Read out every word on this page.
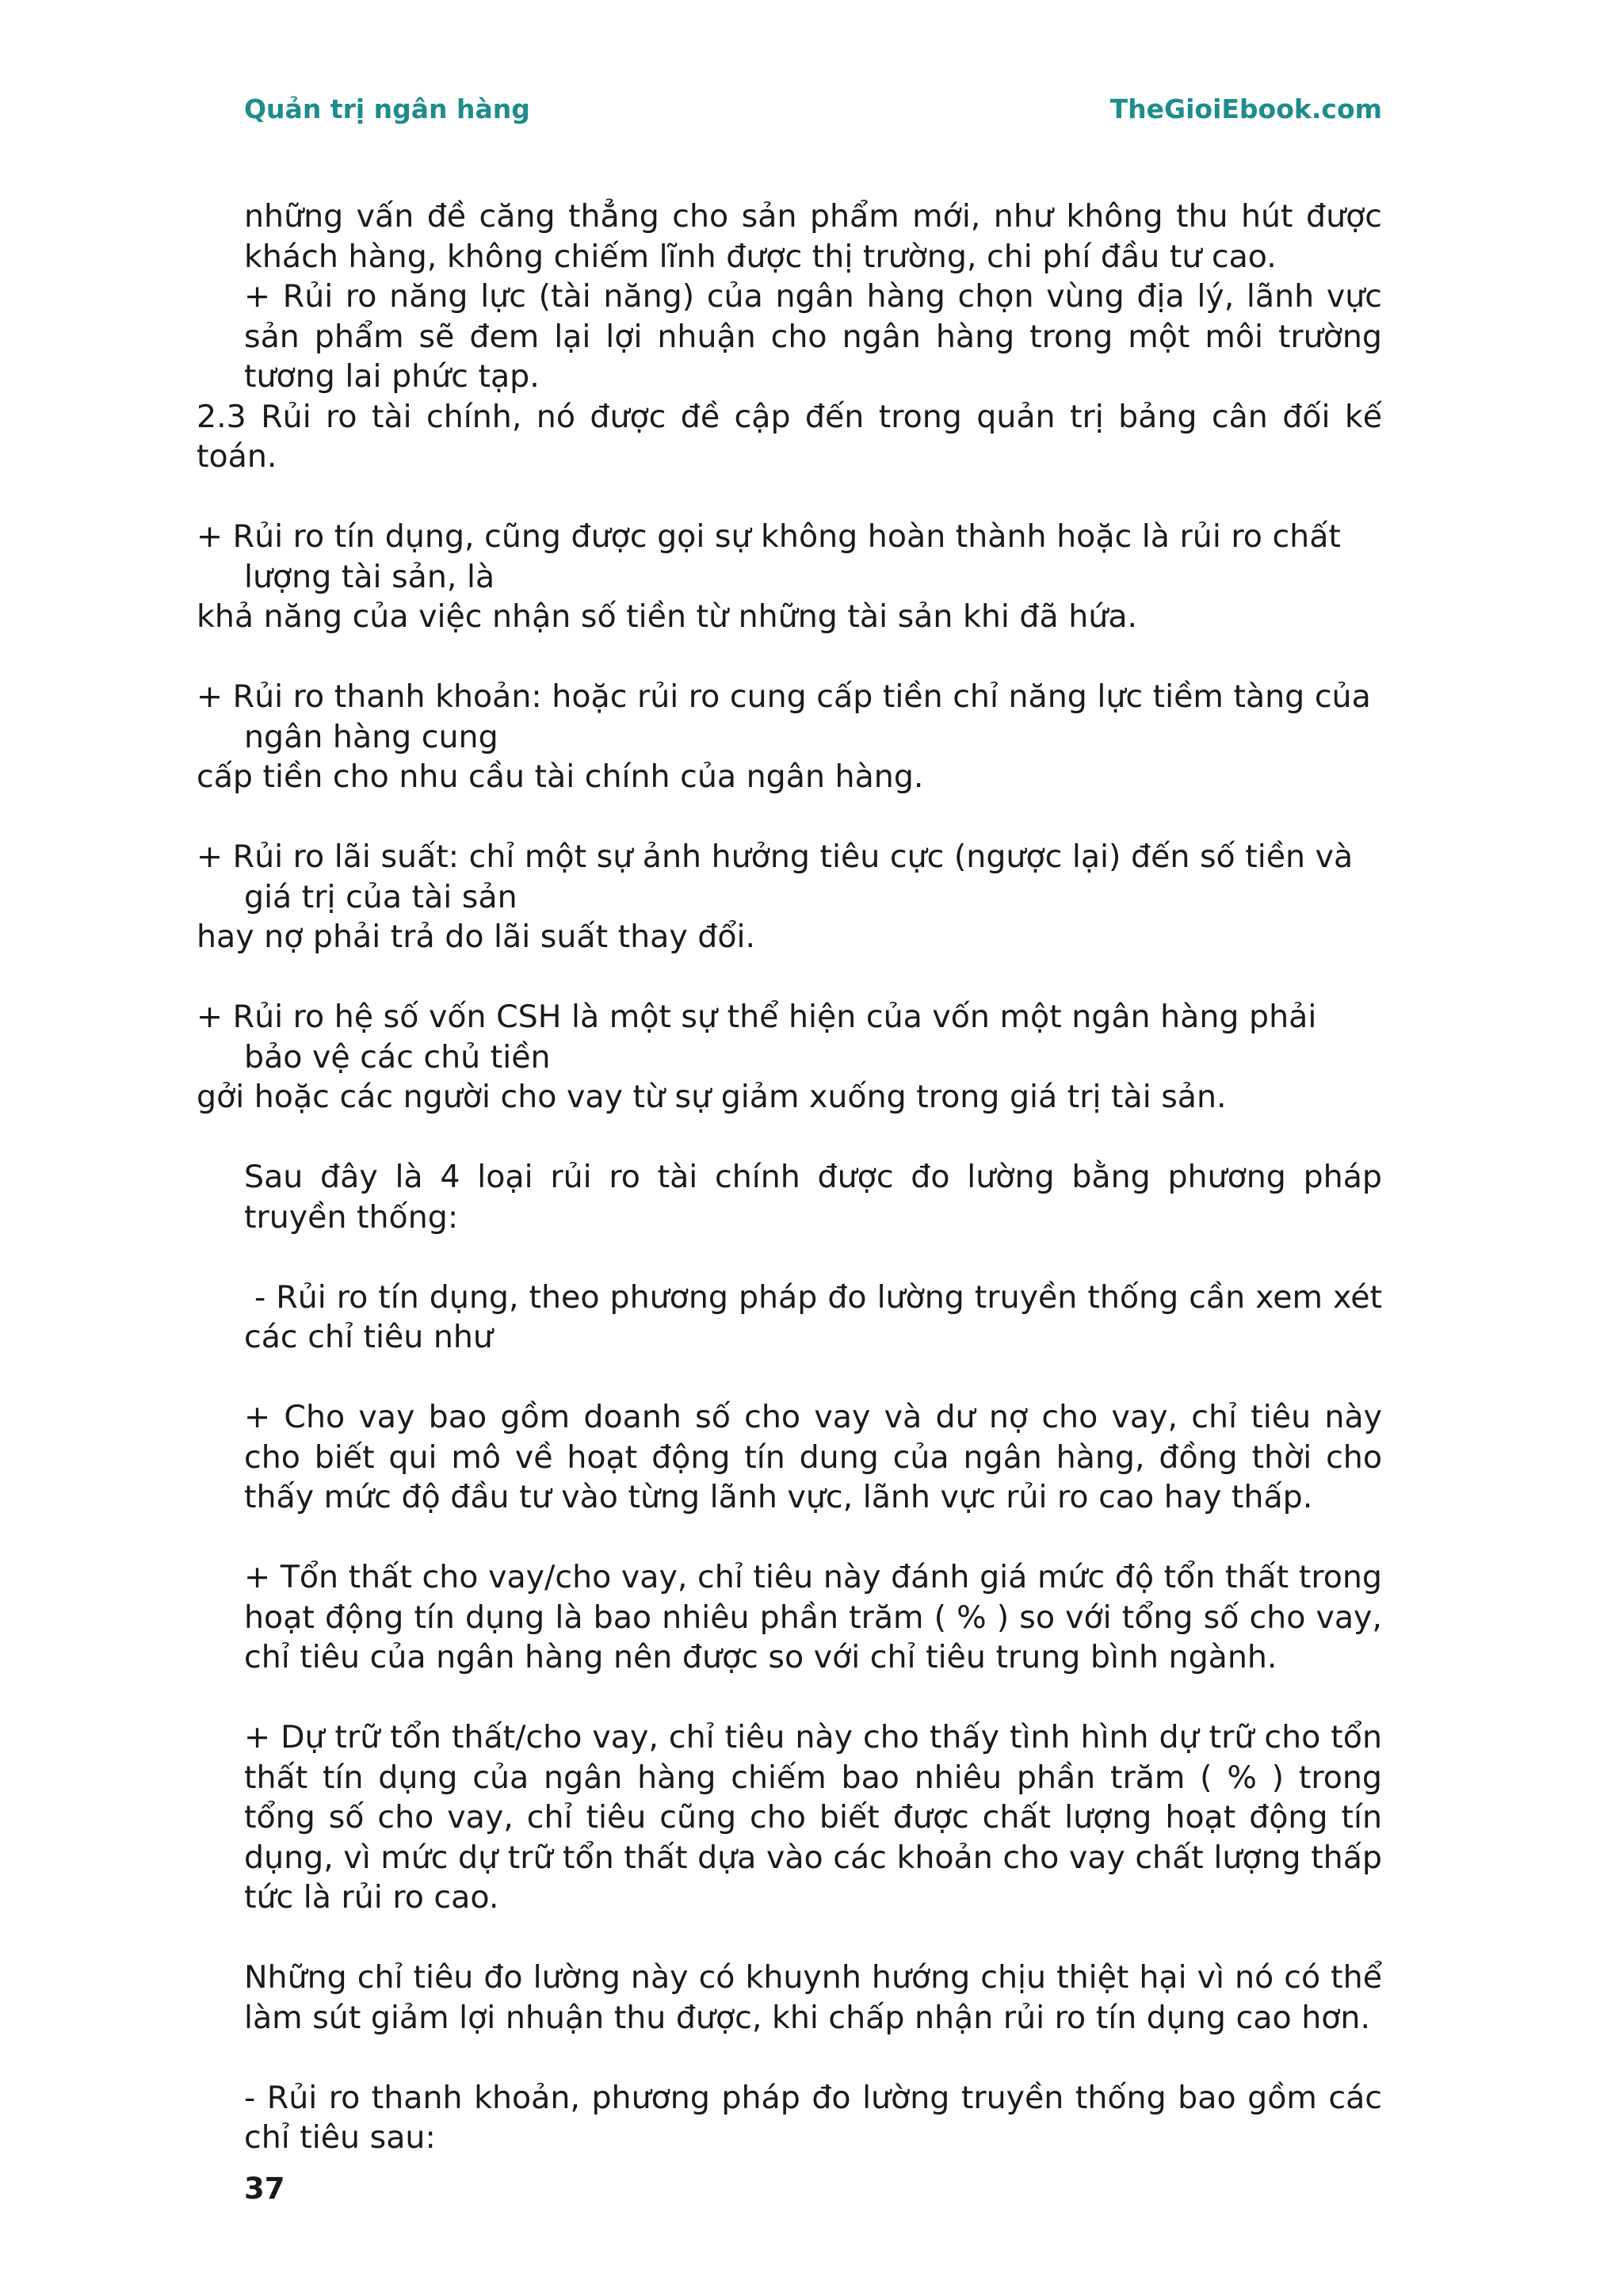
Quản trị ngân hàng	TheGioiEbook.com

những vấn đề căng thẳng cho sản phẩm mới, như không thu hút được khách hàng, không chiếm lĩnh được thị trường, chi phí đầu tư cao.

+ Rủi ro năng lực (tài năng) của ngân hàng chọn vùng địa lý, lãnh vực sản phẩm sẽ đem lại lợi nhuận cho ngân hàng trong một môi trường tương lai phức tạp.

2.3 Rủi ro tài chính, nó được đề cập đến trong quản trị bảng cân đối kế toán.

+ Rủi ro tín dụng, cũng được gọi sự không hoàn thành hoặc là rủi ro chất lượng tài sản, là

khả năng của việc nhận số tiền từ những tài sản khi đã hứa.

+ Rủi ro thanh khoản: hoặc rủi ro cung cấp tiền chỉ năng lực tiềm tàng của ngân hàng cung

cấp tiền cho nhu cầu tài chính của ngân hàng.

+ Rủi ro lãi suất: chỉ một sự ảnh hưởng tiêu cực (ngược lại) đến số tiền và giá trị của tài sản

hay nợ phải trả do lãi suất thay đổi.

+ Rủi ro hệ số vốn CSH là một sự thể hiện của vốn một ngân hàng phải bảo vệ các chủ tiền

gởi hoặc các người cho vay từ sự giảm xuống trong giá trị tài sản.

Sau đây là 4 loại rủi ro tài chính được đo lường bằng phương pháp truyền thống:

- Rủi ro tín dụng, theo phương pháp đo lường truyền thống cần xem xét các chỉ tiêu như

+ Cho vay bao gồm doanh số cho vay và dư nợ cho vay, chỉ tiêu này cho biết qui mô về hoạt động tín dung của ngân hàng, đồng thời cho thấy mức độ đầu tư vào từng lãnh vực, lãnh vực rủi ro cao hay thấp.

+ Tổn thất cho vay/cho vay, chỉ tiêu này đánh giá mức độ tổn thất trong hoạt động tín dụng là bao nhiêu phần trăm ( % ) so với tổng số cho vay, chỉ tiêu của ngân hàng nên được so với chỉ tiêu trung bình ngành.

+ Dự trữ tổn thất/cho vay, chỉ tiêu này cho thấy tình hình dự trữ cho tổn thất tín dụng của ngân hàng chiếm bao nhiêu phần trăm ( % ) trong tổng số cho vay, chỉ tiêu cũng cho biết được chất lượng hoạt động tín dụng, vì mức dự trữ tổn thất dựa vào các khoản cho vay chất lượng thấp tức là rủi ro cao.

Những chỉ tiêu đo lường này có khuynh hướng chịu thiệt hại vì nó có thể làm sút giảm lợi nhuận thu được, khi chấp nhận rủi ro tín dụng cao hơn.

- Rủi ro thanh khoản, phương pháp đo lường truyền thống bao gồm các chỉ tiêu sau:

37
